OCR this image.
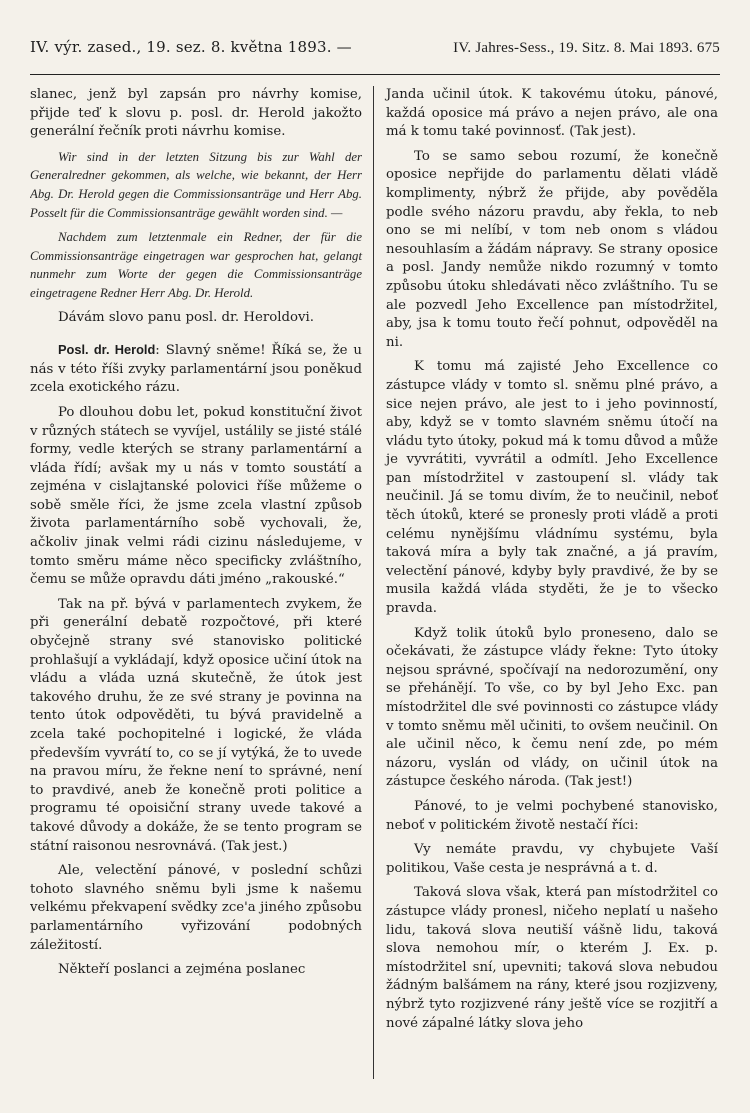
IV. výr. zased., 19. sez. 8. května 1893. —	IV. Jahres-Sess., 19. Sitz. 8. Mai 1893. 675

slanec, jenž byl zapsán pro návrhy komise, přijde teď k slovu p. posl. dr. Herold jakožto generální řečník proti návrhu komise.

Wir sind in der letzten Sitzung bis zur Wahl der Generalredner gekommen, als welche, wie bekannt, der Herr Abg. Dr. Herold gegen die Commissionsanträge und Herr Abg. Posselt für die Commissionsanträge gewählt worden sind. —

Nachdem zum letztenmale ein Redner, der für die Commissionsanträge eingetragen war gesprochen hat, gelangt nunmehr zum Worte der gegen die Commissionsanträge eingetragene Redner Herr Abg. Dr. Herold.

Dávám slovo panu posl. dr. Heroldovi.

Posl. dr. Herold: Slavný sněme! Říká se, že u nás v této říši zvyky parlamentární jsou poněkud zcela exotického rázu.

Po dlouhou dobu let, pokud konstituční život v různých státech se vyvíjel, ustálily se jisté stálé formy, vedle kterých se strany parlamentární a vláda řídí; avšak my u nás v tomto soustátí a zejména v cislajtanské polovici říše můžeme o sobě směle říci, že jsme zcela vlastní způsob života parlamentárního sobě vychovali, že, ačkoliv jinak velmi rádi cizinu následujeme, v tomto směru máme něco specificky zvláštního, čemu se může opravdu dáti jméno „rakouské.“

Tak na př. bývá v parlamentech zvykem, že při generální debatě rozpočtové, při které obyčejně strany své stanovisko politické prohlašují a vykládají, když oposice učiní útok na vládu a vláda uzná skutečně, že útok jest takového druhu, že ze své strany je povinna na tento útok odpověděti, tu bývá pravidelně a zcela také pochopitelné i logické, že vláda především vyvrátí to, co se jí vytýká, že to uvede na pravou míru, že řekne není to správné, není to pravdivé, aneb že konečně proti politice a programu té opoisiční strany uvede takové a takové důvody a dokáže, že se tento program se státní raisonou nesrovnává. (Tak jest.)

Ale, velectění pánové, v poslední schůzi tohoto slavného sněmu byli jsme k našemu velkému překvapení svědky zce'a jiného způsobu parlamentárního vyřizování podobných záležitostí.

Někteří poslanci a zejména poslanec

Janda učinil útok. K takovému útoku, pánové, každá oposice má právo a nejen právo, ale ona má k tomu také povinnosť. (Tak jest).

To se samo sebou rozumí, že konečně oposice nepřijde do parlamentu dělati vládě komplimenty, nýbrž že přijde, aby pověděla podle svého názoru pravdu, aby řekla, to neb ono se mi nelíbí, v tom neb onom s vládou nesouhlasím a žádám nápravy. Se strany oposice a posl. Jandy nemůže nikdo rozumný v tomto způsobu útoku shledávati něco zvláštního. Tu se ale pozvedl Jeho Excellence pan místodržitel, aby, jsa k tomu touto řečí pohnut, odpověděl na ni.

K tomu má zajisté Jeho Excellence co zástupce vlády v tomto sl. sněmu plné právo, a sice nejen právo, ale jest to i jeho povinností, aby, když se v tomto slavném sněmu útočí na vládu tyto útoky, pokud má k tomu důvod a může je vyvrátiti, vyvrátil a odmítl. Jeho Excellence pan místodržitel v zastoupení sl. vlády tak neučinil. Já se tomu divím, že to neučinil, neboť těch útoků, které se pronesly proti vládě a proti celému nynějšímu vládnímu systému, byla taková míra a byly tak značné, a já pravím, velectění pánové, kdyby byly pravdivé, že by se musila každá vláda styděti, že je to všecko pravda.

Když tolik útoků bylo proneseno, dalo se očekávati, že zástupce vlády řekne: Tyto útoky nejsou správné, spočívají na nedorozumění, ony se přehánějí. To vše, co by byl Jeho Exc. pan místodržitel dle své povinnosti co zástupce vlády v tomto sněmu měl učiniti, to ovšem neučinil. On ale učinil něco, k čemu není zde, po mém názoru, vyslán od vlády, on učinil útok na zástupce českého národa. (Tak jest!)

Pánové, to je velmi pochybené stanovisko, neboť v politickém životě nestačí říci:

Vy nemáte pravdu, vy chybujete Vaší politikou, Vaše cesta je nesprávná a t. d.

Taková slova však, která pan místodržitel co zástupce vlády pronesl, ničeho neplatí u našeho lidu, taková slova neutiší vášně lidu, taková slova nemohou mír, o kterém J. Ex. p. místodržitel sní, upevniti; taková slova nebudou žádným balšámem na rány, které jsou rozjizveny, nýbrž tyto rozjizvené rány ještě více se rozjitří a nové zápalné látky slova jeho
